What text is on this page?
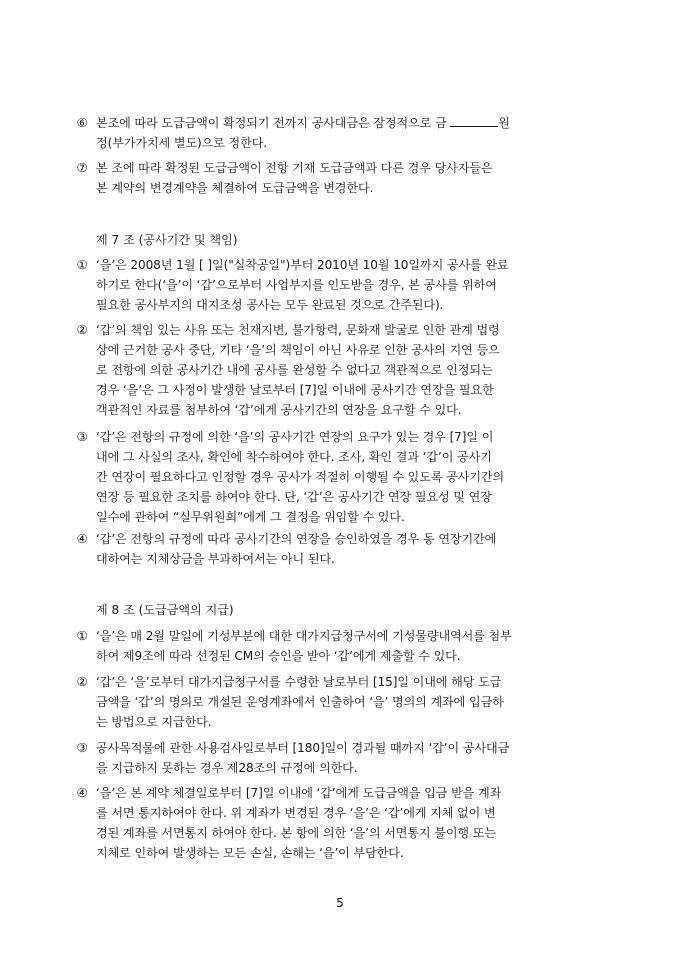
⑥ 본조에 따라 도급금액이 확정되기 전까지 공사대금은 잠정적으로 금	원
정(부가가치세 별도)으로 정한다.
⑦ 본 조에 따라 확정된 도급금액이 전항 기재 도급금액과 다른 경우 당사자들은
본 계약의 변경계약을 체결하여 도급금액을 변경한다.
제 7 조 (공사기간 및 책임)
① ‘을’은 2008년 1월 [ ]일("실착공일")부터 2010년 10월 10일까지 공사를 완료
하기로 한다(‘을’이 ‘갑’으로부터 사업부지를 인도받을 경우, 본 공사를 위하여
필요한 공사부지의 대지조성 공사는 모두 완료된 것으로 간주된다).
② ‘갑’의 책임 있는 사유 또는 천재지변, 불가항력, 문화재 발굴로 인한 관계 법령
상에 근거한 공사 중단, 기타 ‘을’의 책임이 아닌 사유로 인한 공사의 지연 등으
로 전항에 의한 공사기간 내에 공사를 완성할 수 없다고 객관적으로 인정되는
경우 ‘을’은 그 사정이 발생한 날로부터 [7]일 이내에 공사기간 연장을 필요한
객관적인 자료를 첨부하여 ‘갑’에게 공사기간의 연장을 요구할 수 있다.
③ ‘갑’은 전항의 규정에 의한 ‘을’의 공사기간 연장의 요구가 있는 경우 [7]일 이
내에 그 사실의 조사, 확인에 착수하여야 한다. 조사, 확인 결과 ‘갑’이 공사기
간 연장이 필요하다고 인정할 경우 공사가 적절히 이행될 수 있도록 공사기간의
연장 등 필요한 조치를 하여야 한다. 단, ‘갑’은 공사기간 연장 필요성 및 연장
일수에 관하여 “실무위원회”에게 그 결정을 위임할 수 있다.
④ ‘갑’은 전항의 규정에 따라 공사기간의 연장을 승인하였을 경우 동 연장기간에
대하여는 지체상금을 부과하여서는 아니 된다.
제 8 조 (도급금액의 지급)
① ‘을’은 매 2월 말일에 기성부분에 대한 대가지급청구서에 기성물량내역서를 첨부
하여 제9조에 따라 선정된 CM의 승인을 받아 ‘갑’에게 제출할 수 있다.
② ‘갑’은 ‘을’로부터 대가지급청구서를 수령한 날로부터 [15]일 이내에 해당 도급
금액을 ‘갑’의 명의로 개설된 운영계좌에서 인출하여 ‘을’ 명의의 계좌에 입금하
는 방법으로 지급한다.
③ 공사목적물에 관한 사용검사일로부터 [180]일이 경과될 때까지 ‘갑’이 공사대금
을 지급하지 못하는 경우 제28조의 규정에 의한다.
④ ‘을’은 본 계약 체결일로부터 [7]일 이내에 ‘갑’에게 도급금액을 입금 받을 계좌
를 서면 통지하여야 한다. 위 계좌가 변경된 경우 ‘을’은 ‘갑’에게 지체 없이 변
경된 계좌를 서면통지 하여야 한다. 본 항에 의한 ‘을’의 서면통지 불이행 또는
지체로 인하여 발생하는 모든 손실, 손해는 ‘을’이 부담한다.
5
